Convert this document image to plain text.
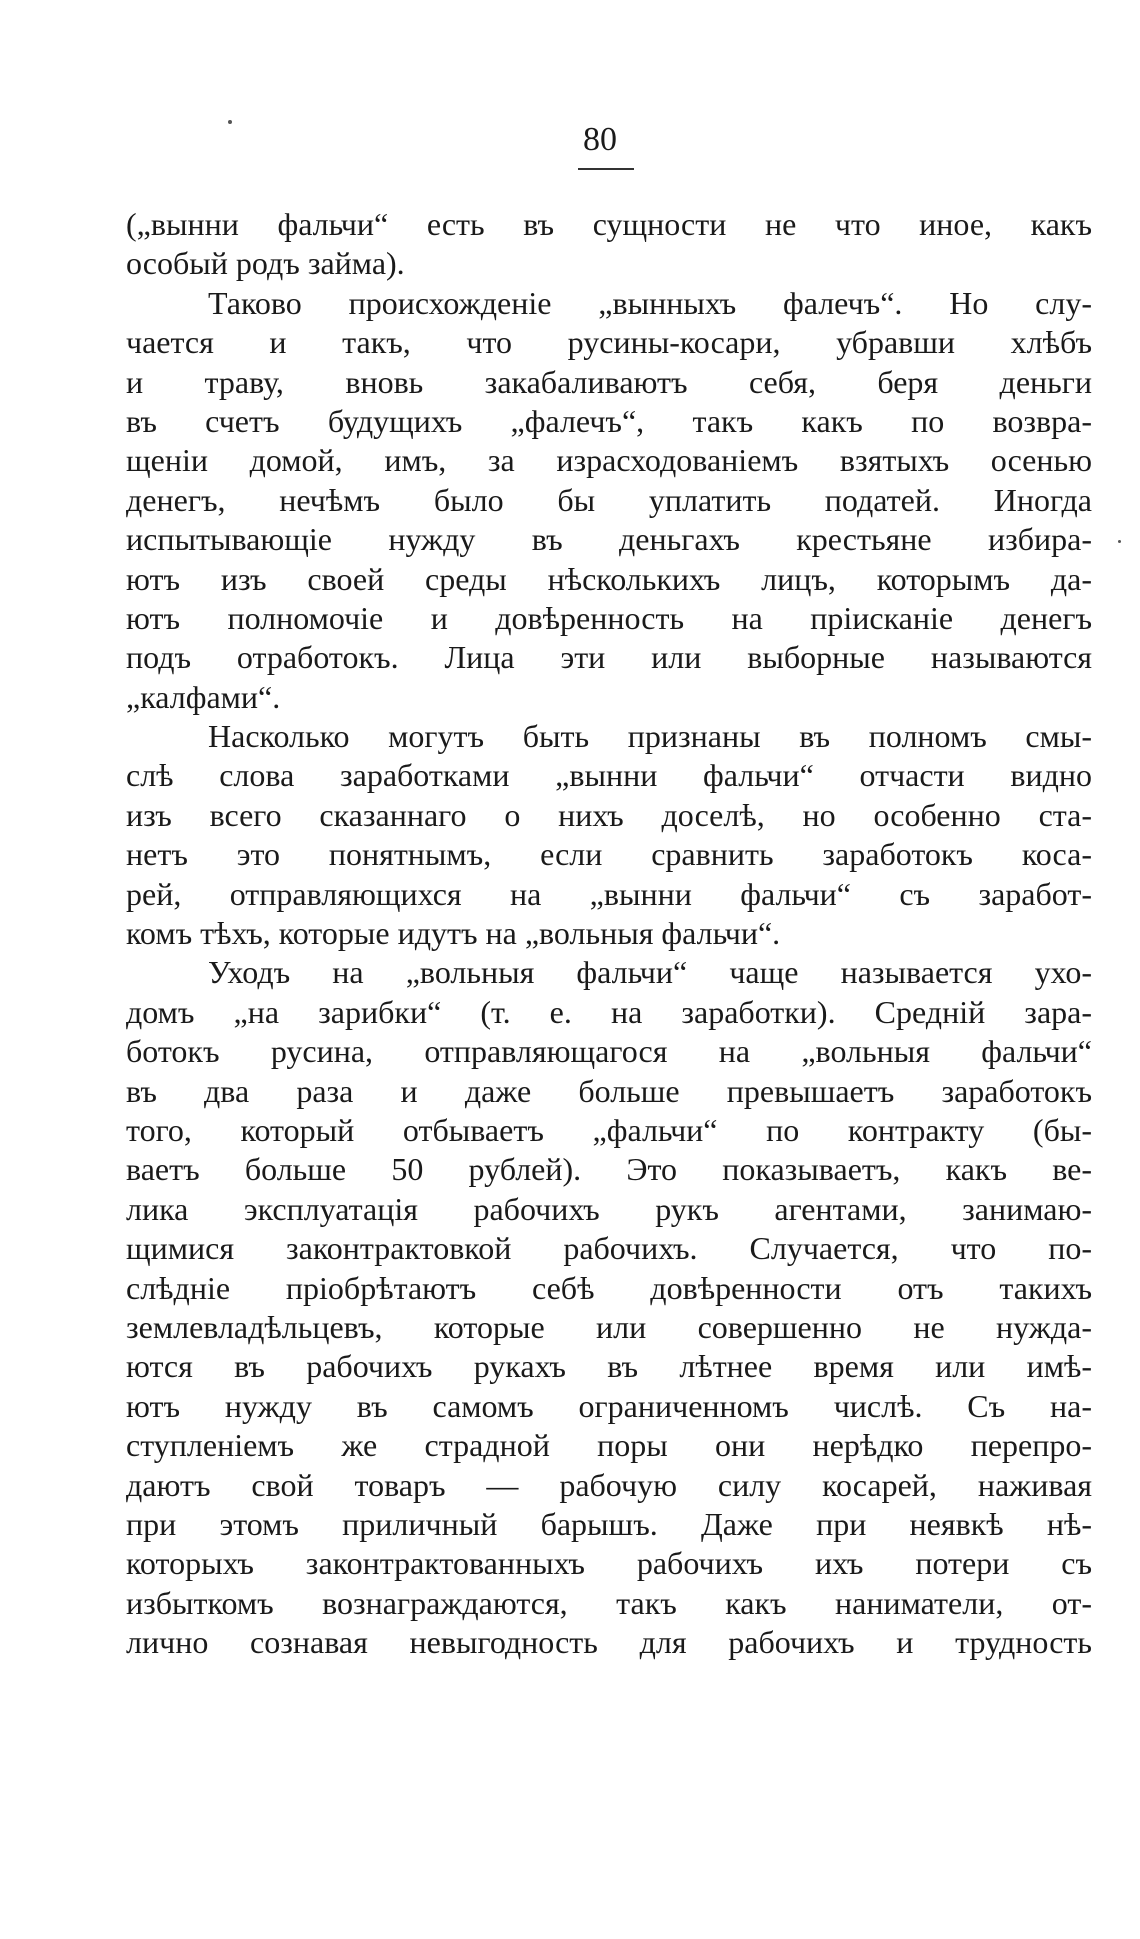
80
(„вынни фальчи“ есть въ сущности не что иное, какъ
особый родъ займа).
Таково происхожденіе „вынныхъ фалечъ“. Но слу-
чается и такъ, что русины-косари, убравши хлѣбъ
и траву, вновь закабаливаютъ себя, беря деньги
въ счетъ будущихъ „фалечъ“, такъ какъ по возвра-
щеніи домой, имъ, за израсходованіемъ взятыхъ осенью
денегъ, нечѣмъ было бы уплатить податей. Иногда
испытывающіе нужду въ деньгахъ крестьяне избира-
ютъ изъ своей среды нѣсколькихъ лицъ, которымъ да-
ютъ полномочіе и довѣренность на пріисканіе денегъ
подъ отработокъ. Лица эти или выборные называются
„калфами“.
Насколько могутъ быть признаны въ полномъ смы-
слѣ слова заработками „вынни фальчи“ отчасти видно
изъ всего сказаннаго о нихъ доселѣ, но особенно ста-
нетъ это понятнымъ, если сравнить заработокъ коса-
рей, отправляющихся на „вынни фальчи“ съ заработ-
комъ тѣхъ, которые идутъ на „вольныя фальчи“.
Уходъ на „вольныя фальчи“ чаще называется ухо-
домъ „на зарибки“ (т. е. на заработки). Средній зара-
ботокъ русина, отправляющагося на „вольныя фальчи“
въ два раза и даже больше превышаетъ заработокъ
того, который отбываетъ „фальчи“ по контракту (бы-
ваетъ больше 50 рублей). Это показываетъ, какъ ве-
лика эксплуатація рабочихъ рукъ агентами, занимаю-
щимися законтрактовкой рабочихъ. Случается, что по-
слѣдніе пріобрѣтаютъ себѣ довѣренности отъ такихъ
землевладѣльцевъ, которые или совершенно не нужда-
ются въ рабочихъ рукахъ въ лѣтнее время или имѣ-
ютъ нужду въ самомъ ограниченномъ числѣ. Съ на-
ступленіемъ же страдной поры они нерѣдко перепро-
даютъ свой товаръ — рабочую силу косарей, наживая
при этомъ приличный барышъ. Даже при неявкѣ нѣ-
которыхъ законтрактованныхъ рабочихъ ихъ потери съ
избыткомъ вознаграждаются, такъ какъ наниматели, от-
лично сознавая невыгодность для рабочихъ и трудность
